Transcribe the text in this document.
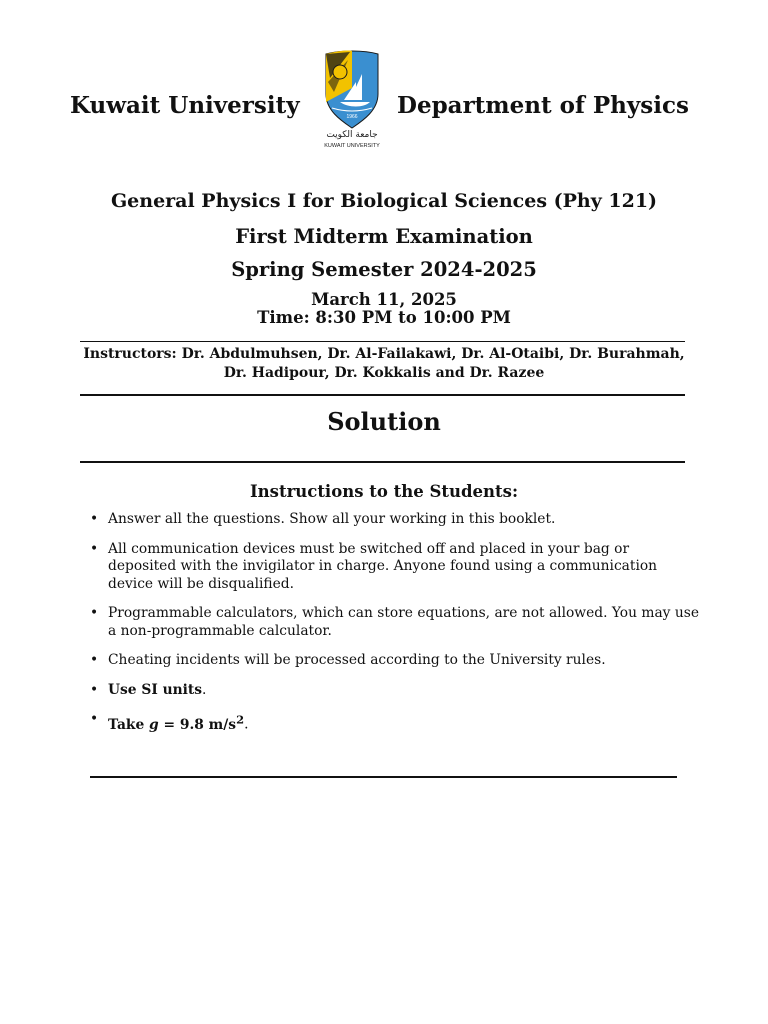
Kuwait University	1966
جامعة الكويت
KUWAIT UNIVERSITY
Department of Physics
General Physics I for Biological Sciences (Phy 121)
First Midterm Examination
Spring Semester 2024-2025
March 11, 2025
Time: 8:30 PM to 10:00 PM
Instructors: Dr. Abdulmuhsen, Dr. Al-Failakawi, Dr. Al-Otaibi, Dr. Burahmah,
Dr. Hadipour, Dr. Kokkalis and Dr. Razee
Solution
Instructions to the Students:
• Answer all the questions. Show all your working in this booklet.
• All communication devices must be switched off and placed in your bag or deposited with the invigilator in charge. Anyone found using a communication device will be disqualified.
• Programmable calculators, which can store equations, are not allowed. You may use a non-programmable calculator.
• Cheating incidents will be processed according to the University rules.
• Use SI units.
• Take g = 9.8 $m/s^2$.
